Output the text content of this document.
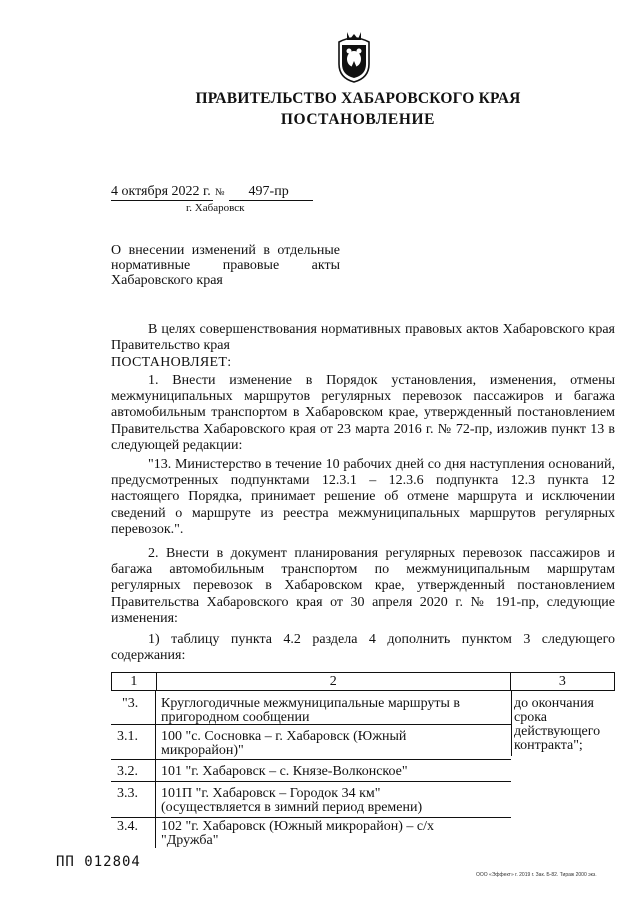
ПРАВИТЕЛЬСТВО ХАБАРОВСКОГО КРАЯ
ПОСТАНОВЛЕНИЕ
4 октября 2022 г. № 497-пр
г. Хабаровск
О внесении изменений в отдельные
нормативные правовые акты
Хабаровского края
В целях совершенствования нормативных правовых актов Хабаровского края Правительство края
ПОСТАНОВЛЯЕТ:
1. Внести изменение в Порядок установления, изменения, отмены межмуниципальных маршрутов регулярных перевозок пассажиров и багажа автомобильным транспортом в Хабаровском крае, утвержденный постановлением Правительства Хабаровского края от 23 марта 2016 г. № 72-пр, изложив пункт 13 в следующей редакции:
"13. Министерство в течение 10 рабочих дней со дня наступления оснований, предусмотренных подпунктами 12.3.1 – 12.3.6 подпункта 12.3 пункта 12 настоящего Порядка, принимает решение об отмене маршрута и исключении сведений о маршруте из реестра межмуниципальных маршрутов регулярных перевозок.".
2. Внести в документ планирования регулярных перевозок пассажиров и багажа автомобильным транспортом по межмуниципальным маршрутам регулярных перевозок в Хабаровском крае, утвержденный постановлением Правительства Хабаровского края от 30 апреля 2020 г. № 191-пр, следующие изменения:
1) таблицу пункта 4.2 раздела 4 дополнить пунктом 3 следующего содержания:
1	2	3
"3. Круглогодичные межмуниципальные маршруты в пригородном сообщении
3.1. 100 "с. Сосновка – г. Хабаровск (Южный микрорайон)"
3.2. 101 "г. Хабаровск – с. Князе-Волконское"
3.3. 101П "г. Хабаровск – Городок 34 км" (осуществляется в зимний период времени)
3.4. 102 "г. Хабаровск (Южный микрорайон) – с/х "Дружба"
до окончания срока действующего контракта";
ПП 012804
ООО «Эффект» г. 2019 г. Зак. Б-82. Тираж 2000 экз.
